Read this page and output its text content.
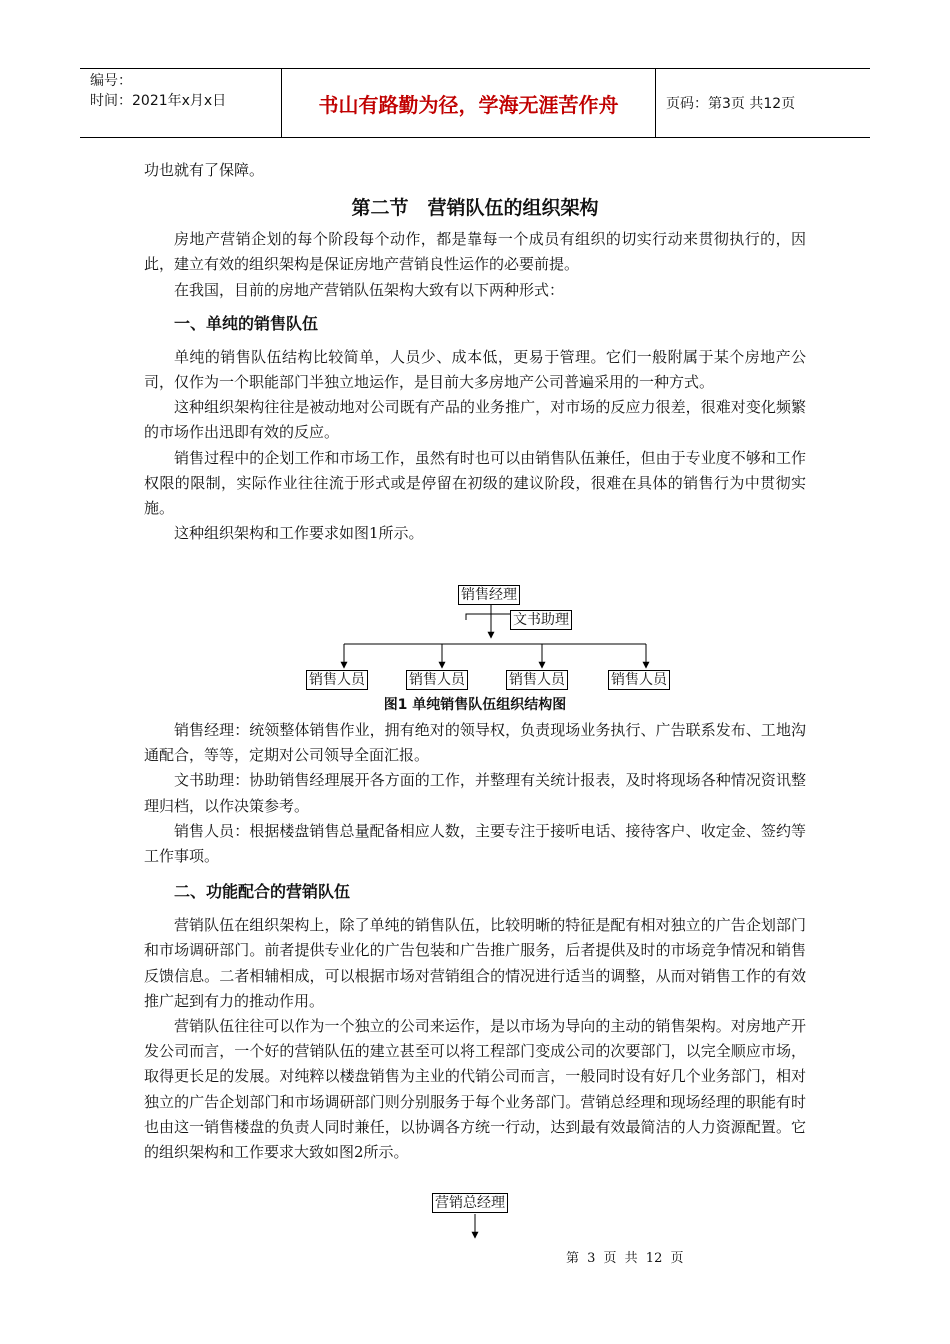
编号：
时间：2021年x月x日	书山有路勤为径，学海无涯苦作舟	页码：第3页 共12页

功也就有了保障。

第二节　营销队伍的组织架构

房地产营销企划的每个阶段每个动作，都是靠每一个成员有组织的切实行动来贯彻执行的，因此，建立有效的组织架构是保证房地产营销良性运作的必要前提。

在我国，目前的房地产营销队伍架构大致有以下两种形式：

一、单纯的销售队伍

单纯的销售队伍结构比较简单，人员少、成本低，更易于管理。它们一般附属于某个房地产公司，仅作为一个职能部门半独立地运作，是目前大多房地产公司普遍采用的一种方式。

这种组织架构往往是被动地对公司既有产品的业务推广，对市场的反应力很差，很难对变化频繁的市场作出迅即有效的反应。

销售过程中的企划工作和市场工作，虽然有时也可以由销售队伍兼任，但由于专业度不够和工作权限的限制，实际作业往往流于形式或是停留在初级的建议阶段，很难在具体的销售行为中贯彻实施。

这种组织架构和工作要求如图1所示。

销售经理
文书助理
销售人员	销售人员	销售人员	销售人员
图1 单纯销售队伍组织结构图

销售经理：统领整体销售作业，拥有绝对的领导权，负责现场业务执行、广告联系发布、工地沟通配合，等等，定期对公司领导全面汇报。

文书助理：协助销售经理展开各方面的工作，并整理有关统计报表，及时将现场各种情况资讯整理归档，以作决策参考。

销售人员：根据楼盘销售总量配备相应人数，主要专注于接听电话、接待客户、收定金、签约等工作事项。

二、功能配合的营销队伍

营销队伍在组织架构上，除了单纯的销售队伍，比较明晰的特征是配有相对独立的广告企划部门和市场调研部门。前者提供专业化的广告包装和广告推广服务，后者提供及时的市场竞争情况和销售反馈信息。二者相辅相成，可以根据市场对营销组合的情况进行适当的调整，从而对销售工作的有效推广起到有力的推动作用。

营销队伍往往可以作为一个独立的公司来运作，是以市场为导向的主动的销售架构。对房地产开发公司而言，一个好的营销队伍的建立甚至可以将工程部门变成公司的次要部门，以完全顺应市场，取得更长足的发展。对纯粹以楼盘销售为主业的代销公司而言，一般同时设有好几个业务部门，相对独立的广告企划部门和市场调研部门则分别服务于每个业务部门。营销总经理和现场经理的职能有时也由这一销售楼盘的负责人同时兼任，以协调各方统一行动，达到最有效最简洁的人力资源配置。它的组织架构和工作要求大致如图2所示。

营销总经理
第 3 页 共 12 页
